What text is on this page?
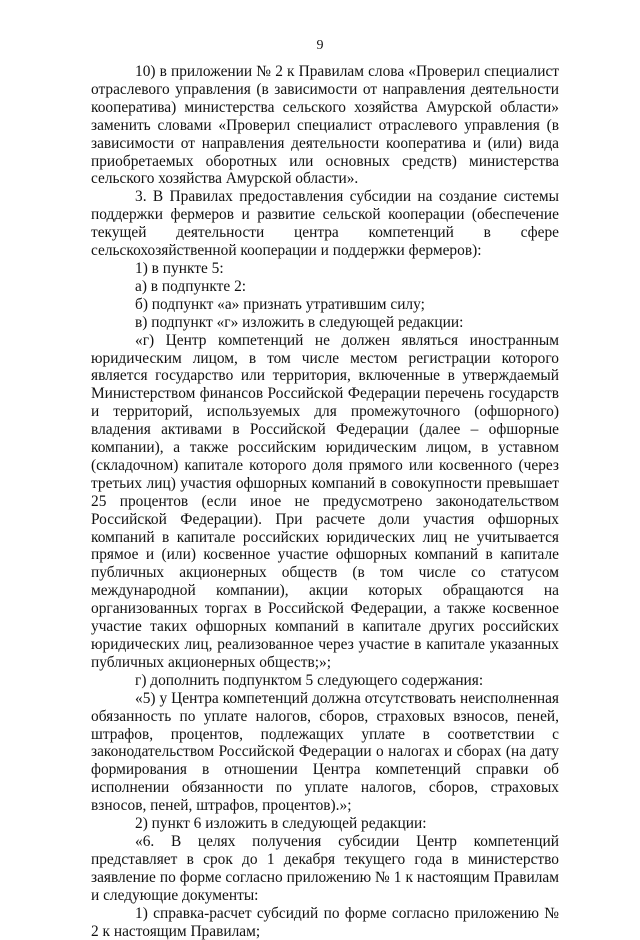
9

10) в приложении № 2 к Правилам слова «Проверил специалист отраслевого управления (в зависимости от направления деятельности кооператива) министерства сельского хозяйства Амурской области» заменить словами «Проверил специалист отраслевого управления (в зависимости от направления деятельности кооператива и (или) вида приобретаемых оборотных или основных средств) министерства сельского хозяйства Амурской области».

3. В Правилах предоставления субсидии на создание системы поддержки фермеров и развитие сельской кооперации (обеспечение текущей деятельности центра компетенций в сфере сельскохозяйственной кооперации и поддержки фермеров):

1) в пункте 5:

а) в подпункте 2:

б) подпункт «а» признать утратившим силу;

в) подпункт «г» изложить в следующей редакции:

«г) Центр компетенций не должен являться иностранным юридическим лицом, в том числе местом регистрации которого является государство или территория, включенные в утверждаемый Министерством финансов Российской Федерации перечень государств и территорий, используемых для промежуточного (офшорного) владения активами в Российской Федерации (далее – офшорные компании), а также российским юридическим лицом, в уставном (складочном) капитале которого доля прямого или косвенного (через третьих лиц) участия офшорных компаний в совокупности превышает 25 процентов (если иное не предусмотрено законодательством Российской Федерации). При расчете доли участия офшорных компаний в капитале российских юридических лиц не учитывается прямое и (или) косвенное участие офшорных компаний в капитале публичных акционерных обществ (в том числе со статусом международной компании), акции которых обращаются на организованных торгах в Российской Федерации, а также косвенное участие таких офшорных компаний в капитале других российских юридических лиц, реализованное через участие в капитале указанных публичных акционерных обществ;»;

г) дополнить подпунктом 5 следующего содержания:

«5) у Центра компетенций должна отсутствовать неисполненная обязанность по уплате налогов, сборов, страховых взносов, пеней, штрафов, процентов, подлежащих уплате в соответствии с законодательством Российской Федерации о налогах и сборах (на дату формирования в отношении Центра компетенций справки об исполнении обязанности по уплате налогов, сборов, страховых взносов, пеней, штрафов, процентов).»;

2) пункт 6 изложить в следующей редакции:

«6. В целях получения субсидии Центр компетенций представляет в срок до 1 декабря текущего года в министерство заявление по форме согласно приложению № 1 к настоящим Правилам и следующие документы:

1) справка-расчет субсидий по форме согласно приложению № 2 к настоящим Правилам;
